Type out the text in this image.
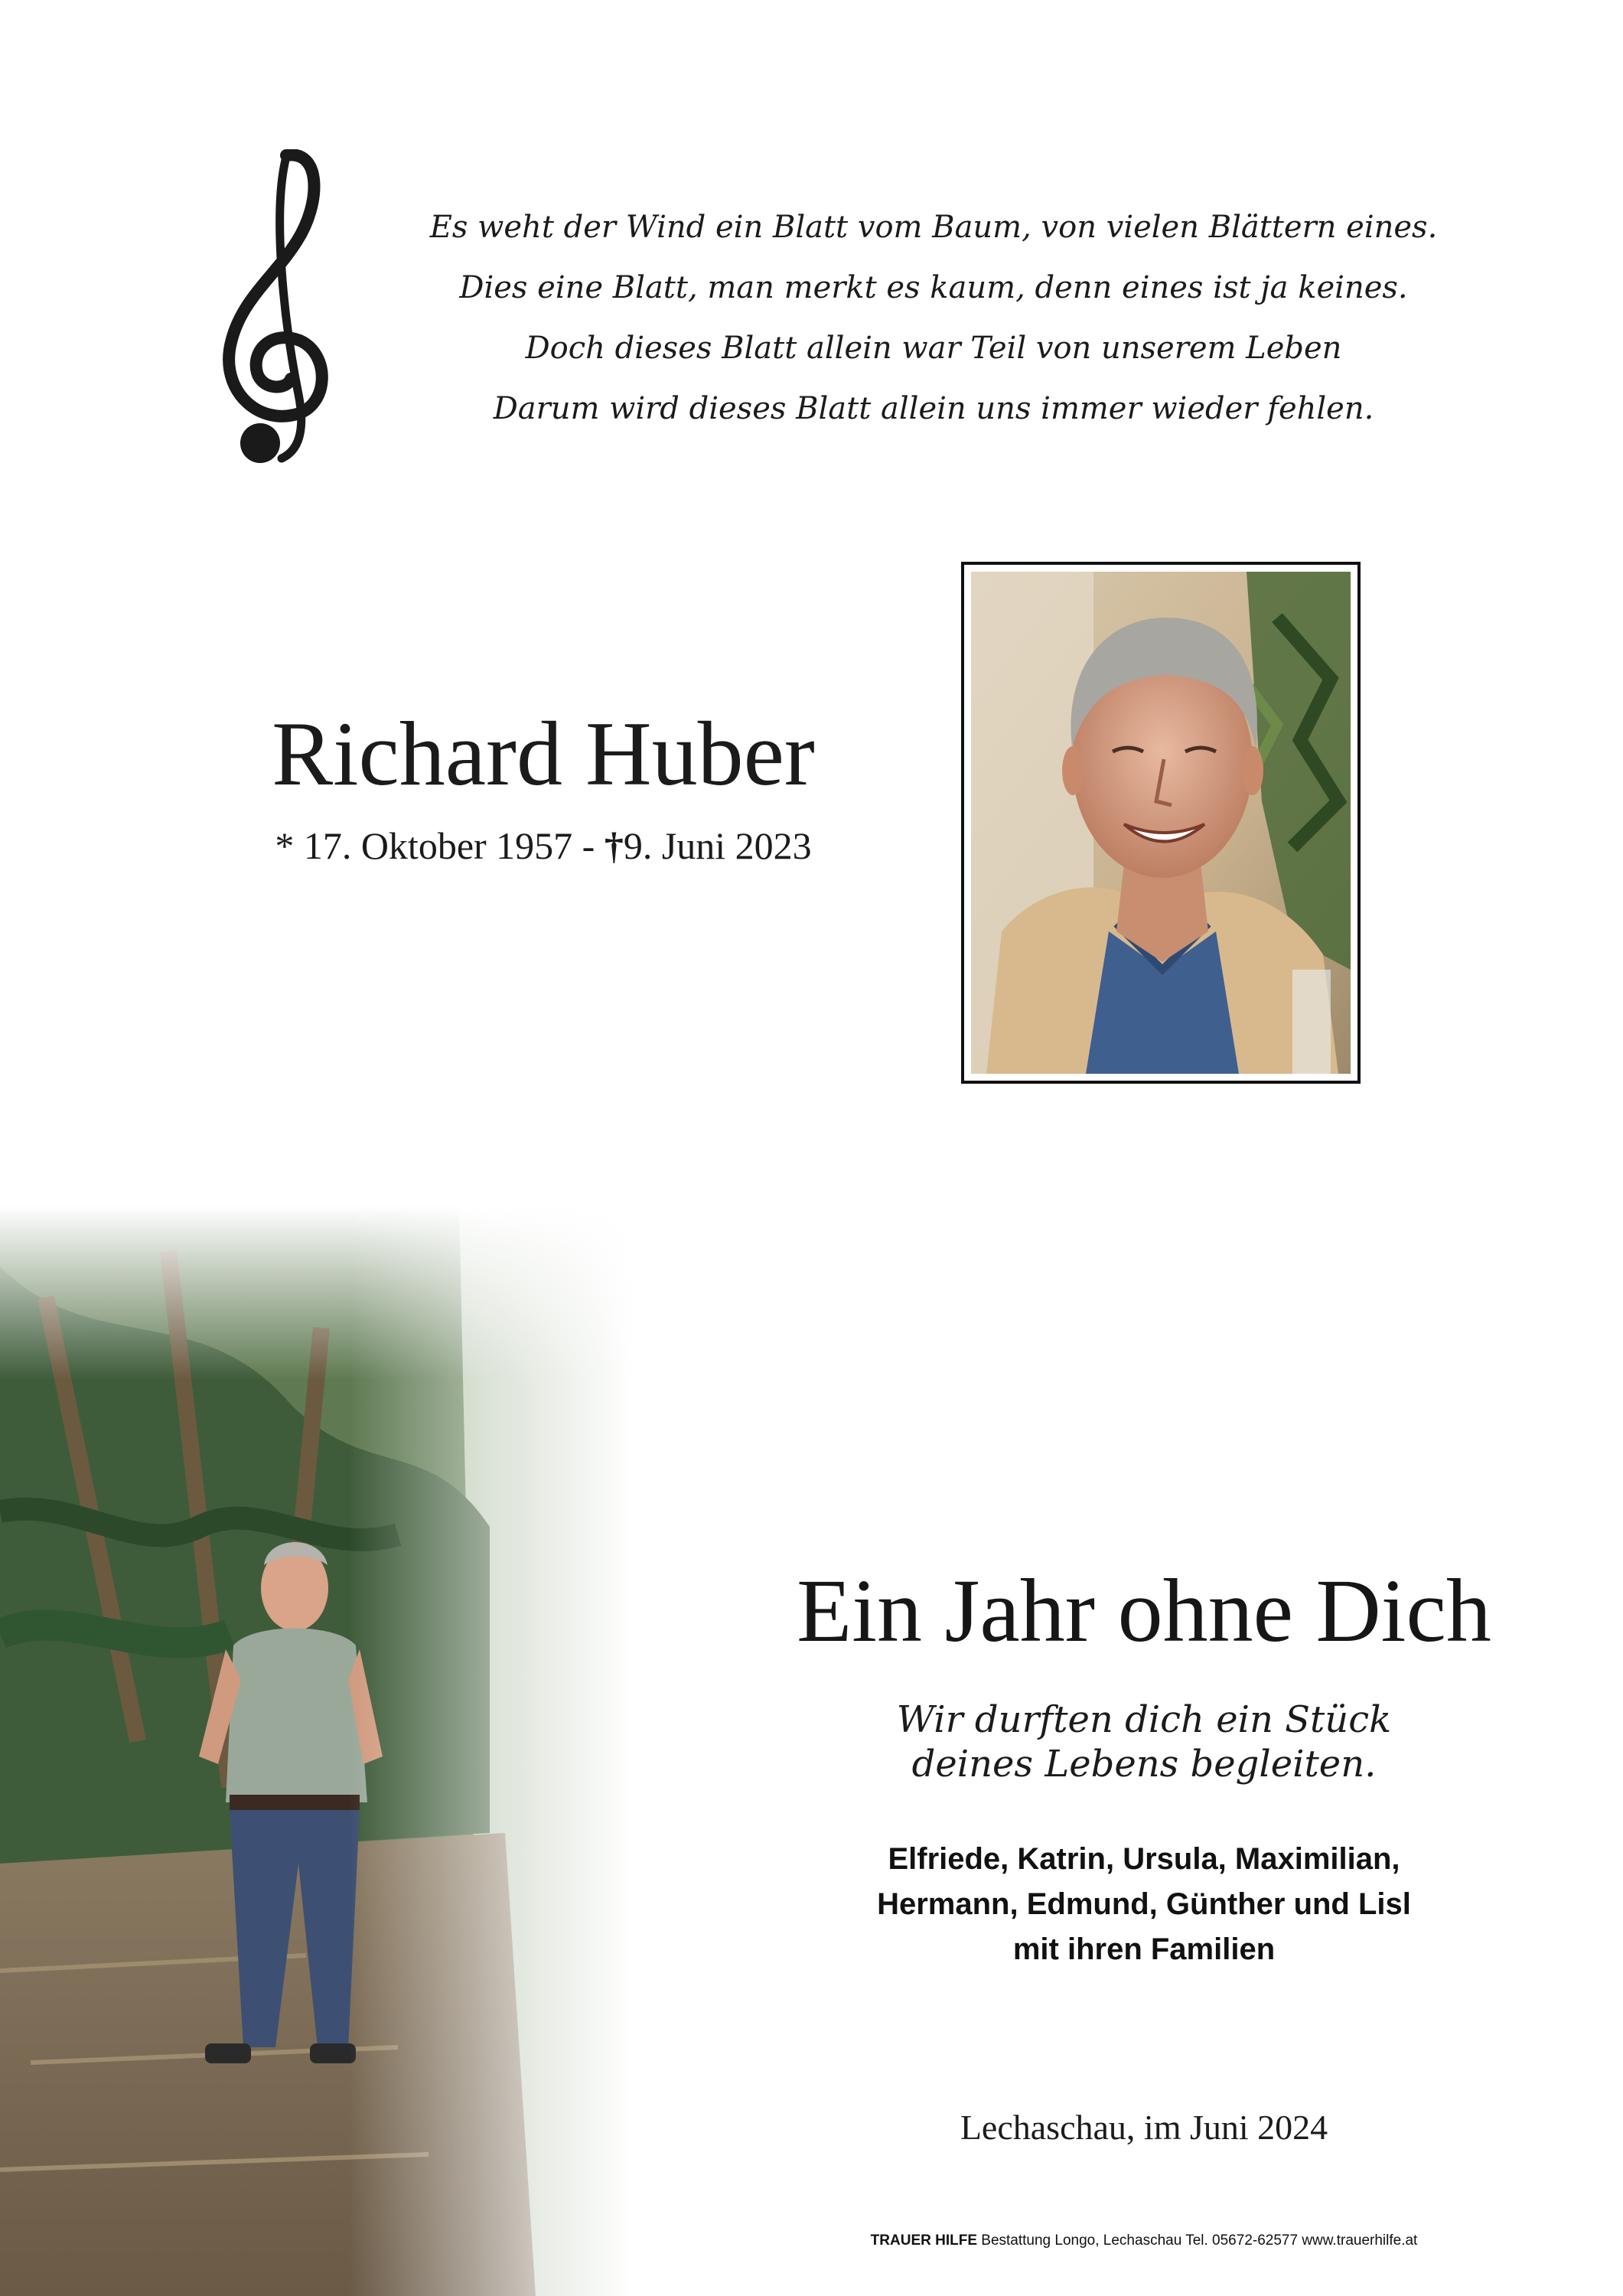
Es weht der Wind ein Blatt vom Baum, von vielen Blättern eines.
Dies eine Blatt, man merkt es kaum, denn eines ist ja keines.
Doch dieses Blatt allein war Teil von unserem Leben
Darum wird dieses Blatt allein uns immer wieder fehlen.
Richard Huber
* 17. Oktober 1957 - †9. Juni 2023
Ein Jahr ohne Dich
Wir durften dich ein Stück
deines Lebens begleiten.
Elfriede, Katrin, Ursula, Maximilian,
Hermann, Edmund, Günther und Lisl
mit ihren Familien
Lechaschau, im Juni 2024
TRAUER HILFE Bestattung Longo, Lechaschau Tel. 05672-62577 www.trauerhilfe.at
